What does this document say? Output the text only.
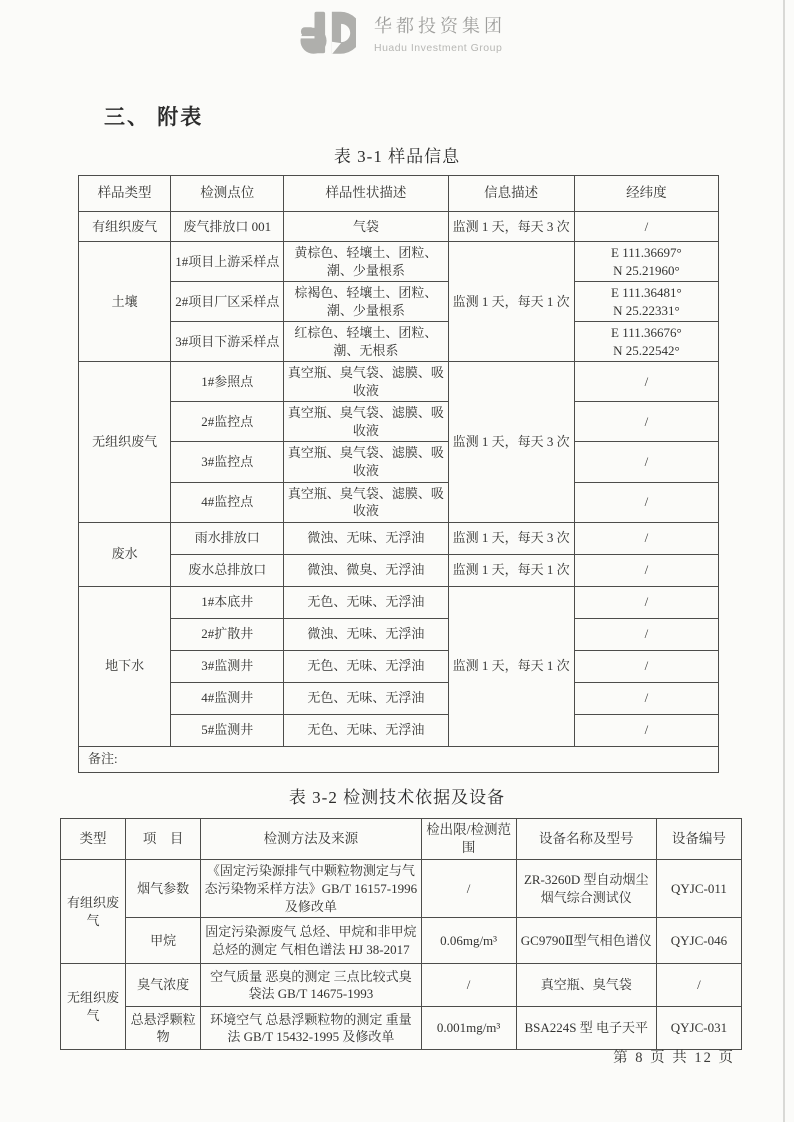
华都投资集团
Huadu Investment Group
三、 附表
表 3-1 样品信息
样品类型	检测点位	样品性状描述	信息描述	经纬度
有组织废气	废气排放口 001	气袋	监测 1 天，每天 3 次	/
土壤	1#项目上游采样点	黄棕色、轻壤土、团粒、潮、少量根系	监测 1 天，每天 1 次	E 111.36697°
N 25.21960°

	2#项目厂区采样点	棕褐色、轻壤土、团粒、潮、少量根系		E 111.36481°
N 25.22331°

	3#项目下游采样点	红棕色、轻壤土、团粒、潮、无根系		E 111.36676°
N 25.22542°

无组织废气	1#参照点	真空瓶、臭气袋、滤膜、吸收液	监测 1 天，每天 3 次	/
	2#监控点	真空瓶、臭气袋、滤膜、吸收液		/
	3#监控点	真空瓶、臭气袋、滤膜、吸收液		/
	4#监控点	真空瓶、臭气袋、滤膜、吸收液		/
废水	雨水排放口	微浊、无味、无浮油	监测 1 天，每天 3 次	/
	废水总排放口	微浊、微臭、无浮油	监测 1 天，每天 1 次	/
地下水	1#本底井	无色、无味、无浮油	监测 1 天，每天 1 次	/
	2#扩散井	微浊、无味、无浮油		/
	3#监测井	无色、无味、无浮油		/
	4#监测井	无色、无味、无浮油		/
	5#监测井	无色、无味、无浮油		/
备注:				
表 3-2 检测技术依据及设备
类型	项　目	检测方法及来源	检出限/检测范围	设备名称及型号	设备编号
有组织废气	烟气参数	《固定污染源排气中颗粒物测定与气态污染物采样方法》GB/T 16157-1996 及修改单	/	ZR-3260D 型自动烟尘烟气综合测试仪	QYJC-011
	甲烷	固定污染源废气 总烃、甲烷和非甲烷总烃的测定 气相色谱法 HJ 38-2017	0.06mg/m³	GC9790Ⅱ型气相色谱仪	QYJC-046
无组织废气	臭气浓度	空气质量 恶臭的测定 三点比较式臭袋法 GB/T 14675-1993	/	真空瓶、臭气袋	/
	总悬浮颗粒物	环境空气 总悬浮颗粒物的测定 重量法 GB/T 15432-1995 及修改单	0.001mg/m³	BSA224S 型 电子天平	QYJC-031
第 8 页 共 12 页
